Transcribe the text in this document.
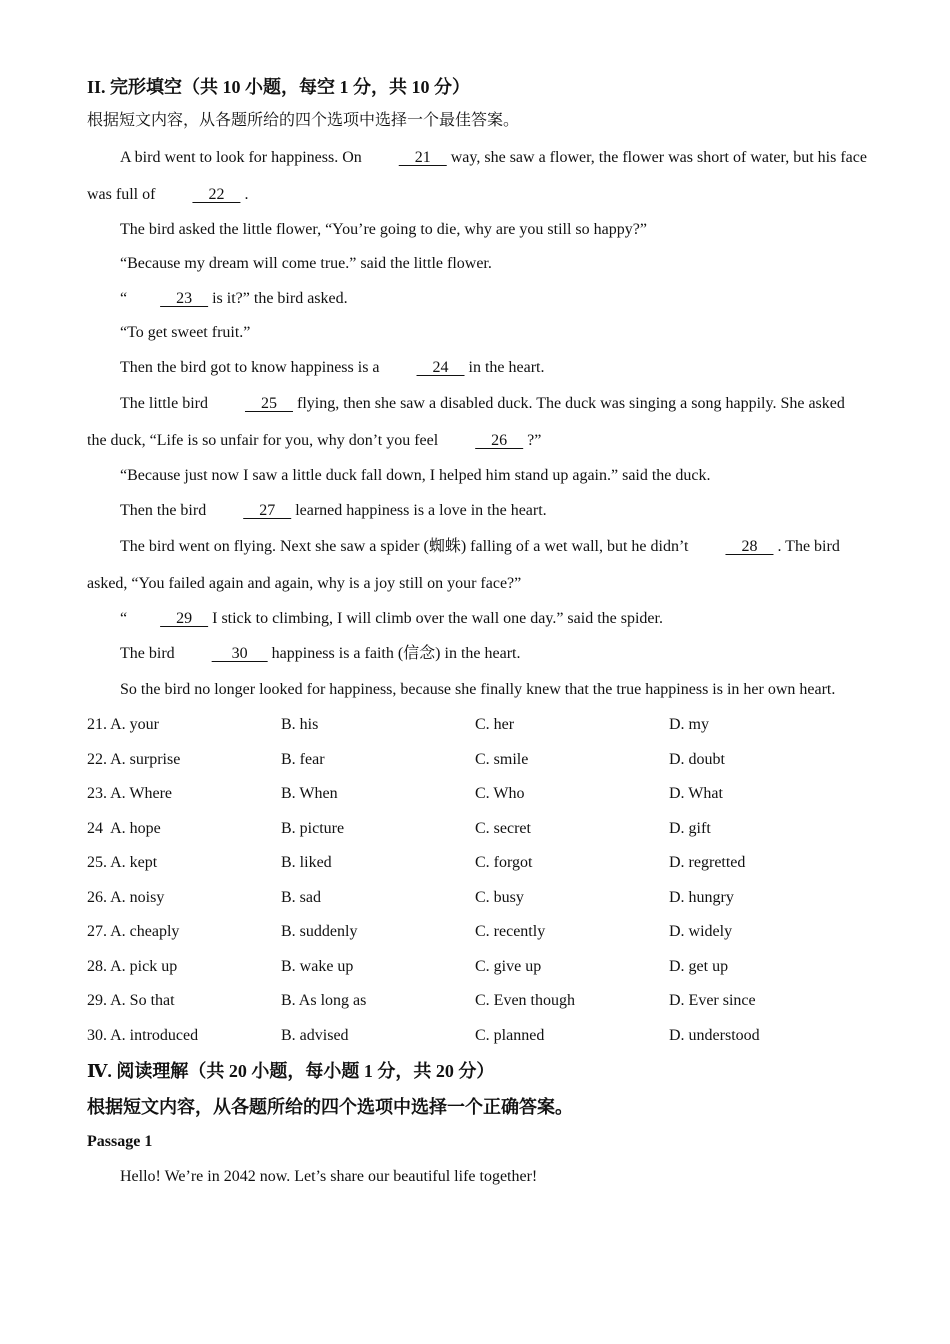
II. 完形填空（共 10 小题，每空 1 分，共 10 分）
根据短文内容，从各题所给的四个选项中选择一个最佳答案。

A bird went to look for happiness. On     21     way, she saw a flower, the flower was short of water, but his face was full of     22     .

The bird asked the little flower, “You’re going to die, why are you still so happy?”

“Because my dream will come true.” said the little flower.

“    23     is it?” the bird asked.

“To get sweet fruit.”

Then the bird got to know happiness is a     24     in the heart.

The little bird     25     flying, then she saw a disabled duck. The duck was singing a song happily. She asked the duck, “Life is so unfair for you, why don’t you feel     26     ?”

“Because just now I saw a little duck fall down, I helped him stand up again.” said the duck.

Then the bird     27     learned happiness is a love in the heart.

The bird went on flying. Next she saw a spider (蜘蛛) falling of a wet wall, but he didn’t     28     . The bird asked, “You failed again and again, why is a joy still on your face?”

“    29     I stick to climbing, I will climb over the wall one day.” said the spider.

The bird      30      happiness is a faith (信念) in the heart.

So the bird no longer looked for happiness, because she finally knew that the true happiness is in her own heart.

21. A. your	B. his	C. her	D. my
22. A. surprise	B. fear	C. smile	D. doubt
23. A. Where	B. When	C. Who	D. What
24  A. hope	B. picture	C. secret	D. gift
25. A. kept	B. liked	C. forgot	D. regretted
26. A. noisy	B. sad	C. busy	D. hungry
27. A. cheaply	B. suddenly	C. recently	D. widely
28. A. pick up	B. wake up	C. give up	D. get up
29. A. So that	B. As long as	C. Even though	D. Ever since
30. A. introduced	B. advised	C. planned	D. understood
Ⅳ. 阅读理解（共 20 小题，每小题 1 分，共 20 分）
根据短文内容，从各题所给的四个选项中选择一个正确答案。
Passage 1

Hello! We’re in 2042 now. Let’s share our beautiful life together!
